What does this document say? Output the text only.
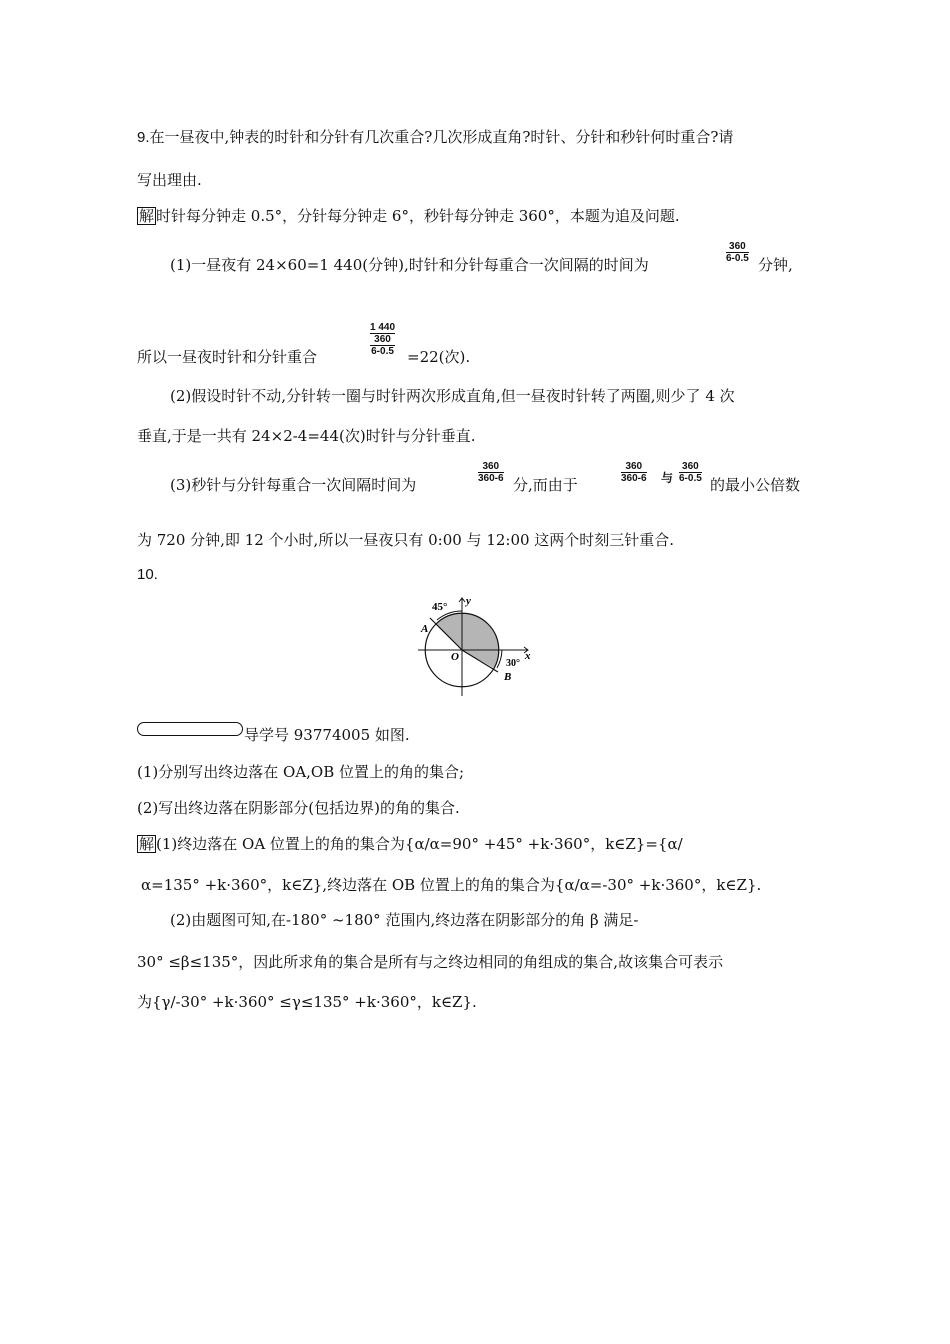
9.在一昼夜中,钟表的时针和分针有几次重合?几次形成直角?时针、分针和秒针何时重合?请
写出理由.
解 时针每分钟走 0.5°，分针每分钟走 6°，秒针每分钟走 360°，本题为追及问题.
(1)一昼夜有 24×60=1 440(分钟),时针和分针每重合一次间隔的时间为
360
6-0.5 分钟,
所以一昼夜时针和分针重合
1 440
360
6-0.5 =22(次).
(2)假设时针不动,分针转一圈与时针两次形成直角,但一昼夜时针转了两圈,则少了 4 次
垂直,于是一共有 24×2-4=44(次)时针与分针垂直.
(3)秒针与分针每重合一次间隔时间为
360
360-6 分,而由于
360
360-6 与
360
6-0.5 的最小公倍数
为 720 分钟,即 12 个小时,所以一昼夜只有 0:00 与 12:00 这两个时刻三针重合.
10.
45° y
A
O
30°
x
B
导学号 93774005 如图.
(1)分别写出终边落在 OA,OB 位置上的角的集合;
(2)写出终边落在阴影部分(包括边界)的角的集合.
解 (1)终边落在 OA 位置上的角的集合为{α/α=90° +45° +k·360°，k∈Z}={α/
α=135° +k·360°，k∈Z},终边落在 OB 位置上的角的集合为{α/α=-30° +k·360°，k∈Z}.
(2)由题图可知,在-180° ~180° 范围内,终边落在阴影部分的角 β 满足-
30° ≤β≤135°，因此所求角的集合是所有与之终边相同的角组成的集合,故该集合可表示
为{γ/-30° +k·360° ≤γ≤135° +k·360°，k∈Z}.
